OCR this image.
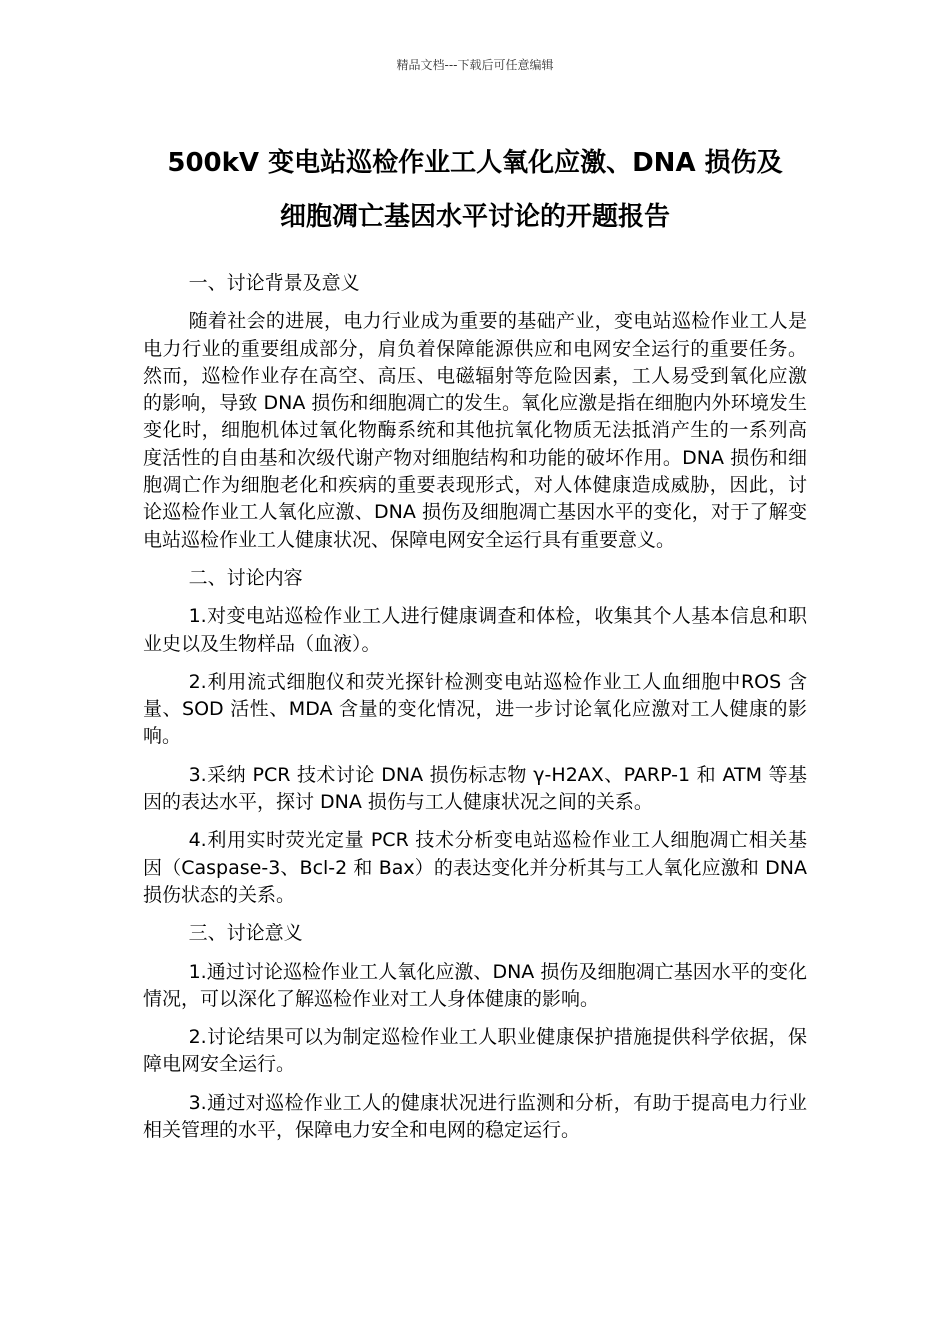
精品文档---下载后可任意编辑
500kV 变电站巡检作业工人氧化应激、DNA 损伤及
细胞凋亡基因水平讨论的开题报告

一、讨论背景及意义

随着社会的进展，电力行业成为重要的基础产业，变电站巡检作业工人是电力行业的重要组成部分，肩负着保障能源供应和电网安全运行的重要任务。然而，巡检作业存在高空、高压、电磁辐射等危险因素，工人易受到氧化应激的影响，导致 DNA 损伤和细胞凋亡的发生。氧化应激是指在细胞内外环境发生变化时，细胞机体过氧化物酶系统和其他抗氧化物质无法抵消产生的一系列高度活性的自由基和次级代谢产物对细胞结构和功能的破坏作用。DNA 损伤和细胞凋亡作为细胞老化和疾病的重要表现形式，对人体健康造成威胁，因此，讨论巡检作业工人氧化应激、DNA 损伤及细胞凋亡基因水平的变化，对于了解变电站巡检作业工人健康状况、保障电网安全运行具有重要意义。

二、讨论内容

1.对变电站巡检作业工人进行健康调查和体检，收集其个人基本信息和职业史以及生物样品（血液）。

2.利用流式细胞仪和荧光探针检测变电站巡检作业工人血细胞中ROS 含量、SOD 活性、MDA 含量的变化情况，进一步讨论氧化应激对工人健康的影响。

3.采纳 PCR 技术讨论 DNA 损伤标志物 γ-H2AX、PARP-1 和 ATM 等基因的表达水平，探讨 DNA 损伤与工人健康状况之间的关系。

4.利用实时荧光定量 PCR 技术分析变电站巡检作业工人细胞凋亡相关基因（Caspase-3、Bcl-2 和 Bax）的表达变化并分析其与工人氧化应激和 DNA 损伤状态的关系。

三、讨论意义

1.通过讨论巡检作业工人氧化应激、DNA 损伤及细胞凋亡基因水平的变化情况，可以深化了解巡检作业对工人身体健康的影响。

2.讨论结果可以为制定巡检作业工人职业健康保护措施提供科学依据，保障电网安全运行。

3.通过对巡检作业工人的健康状况进行监测和分析，有助于提高电力行业相关管理的水平，保障电力安全和电网的稳定运行。
